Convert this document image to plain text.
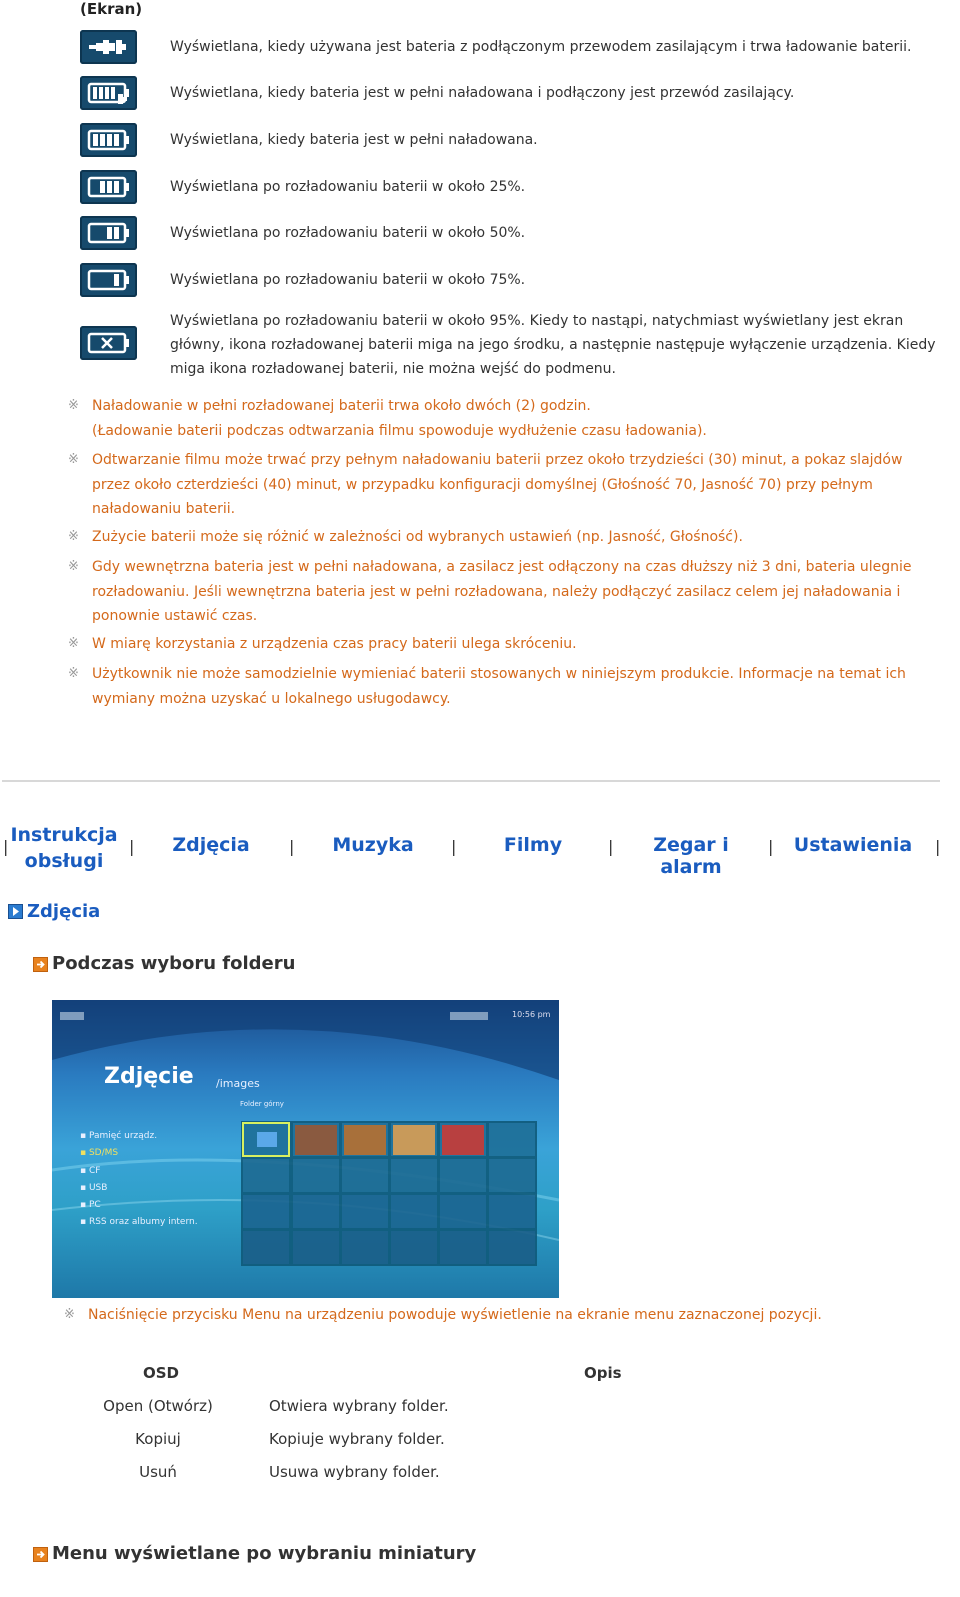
(Ekran)
Wyświetlana, kiedy używana jest bateria z podłączonym przewodem zasilającym i trwa ładowanie baterii.
Wyświetlana, kiedy bateria jest w pełni naładowana i podłączony jest przewód zasilający.
Wyświetlana, kiedy bateria jest w pełni naładowana.
Wyświetlana po rozładowaniu baterii w około 25%.
Wyświetlana po rozładowaniu baterii w około 50%.
Wyświetlana po rozładowaniu baterii w około 75%.
Wyświetlana po rozładowaniu baterii w około 95%. Kiedy to nastąpi, natychmiast wyświetlany jest ekran główny, ikona rozładowanej baterii miga na jego środku, a następnie następuje wyłączenie urządzenia. Kiedy miga ikona rozładowanej baterii, nie można wejść do podmenu.
※ Naładowanie w pełni rozładowanej baterii trwa około dwóch (2) godzin.
(Ładowanie baterii podczas odtwarzania filmu spowoduje wydłużenie czasu ładowania).
※ Odtwarzanie filmu może trwać przy pełnym naładowaniu baterii przez około trzydzieści (30) minut, a pokaz slajdów przez około czterdzieści (40) minut, w przypadku konfiguracji domyślnej (Głośność 70, Jasność 70) przy pełnym naładowaniu baterii.
※ Zużycie baterii może się różnić w zależności od wybranych ustawień (np. Jasność, Głośność).
※ Gdy wewnętrzna bateria jest w pełni naładowana, a zasilacz jest odłączony na czas dłuższy niż 3 dni, bateria ulegnie rozładowaniu. Jeśli wewnętrzna bateria jest w pełni rozładowana, należy podłączyć zasilacz celem jej naładowania i ponownie ustawić czas.
※ W miarę korzystania z urządzenia czas pracy baterii ulega skróceniu.
※ Użytkownik nie może samodzielnie wymieniać baterii stosowanych w niniejszym produkcie. Informacje na temat ich wymiany można uzyskać u lokalnego usługodawcy.
|
Instrukcja
obsługi
|	Zdjęcia	|	Muzyka	|	Filmy	|	Zegar i alarm
| Ustawienia |
Zdjęcia
Podczas wyboru folderu
10:56 pm
Zdjęcie /images
Folder górny
▪ Pamięć urządz.
▪ SD/MS
▪ CF
▪ USB
▪ PC
▪ RSS oraz albumy intern.
※ Naciśnięcie przycisku Menu na urządzeniu powoduje wyświetlenie na ekranie menu zaznaczonej pozycji.
OSD	Opis
Open (Otwórz)	Otwiera wybrany folder.
Kopiuj	Kopiuje wybrany folder.
Usuń	Usuwa wybrany folder.
Menu wyświetlane po wybraniu miniatury
